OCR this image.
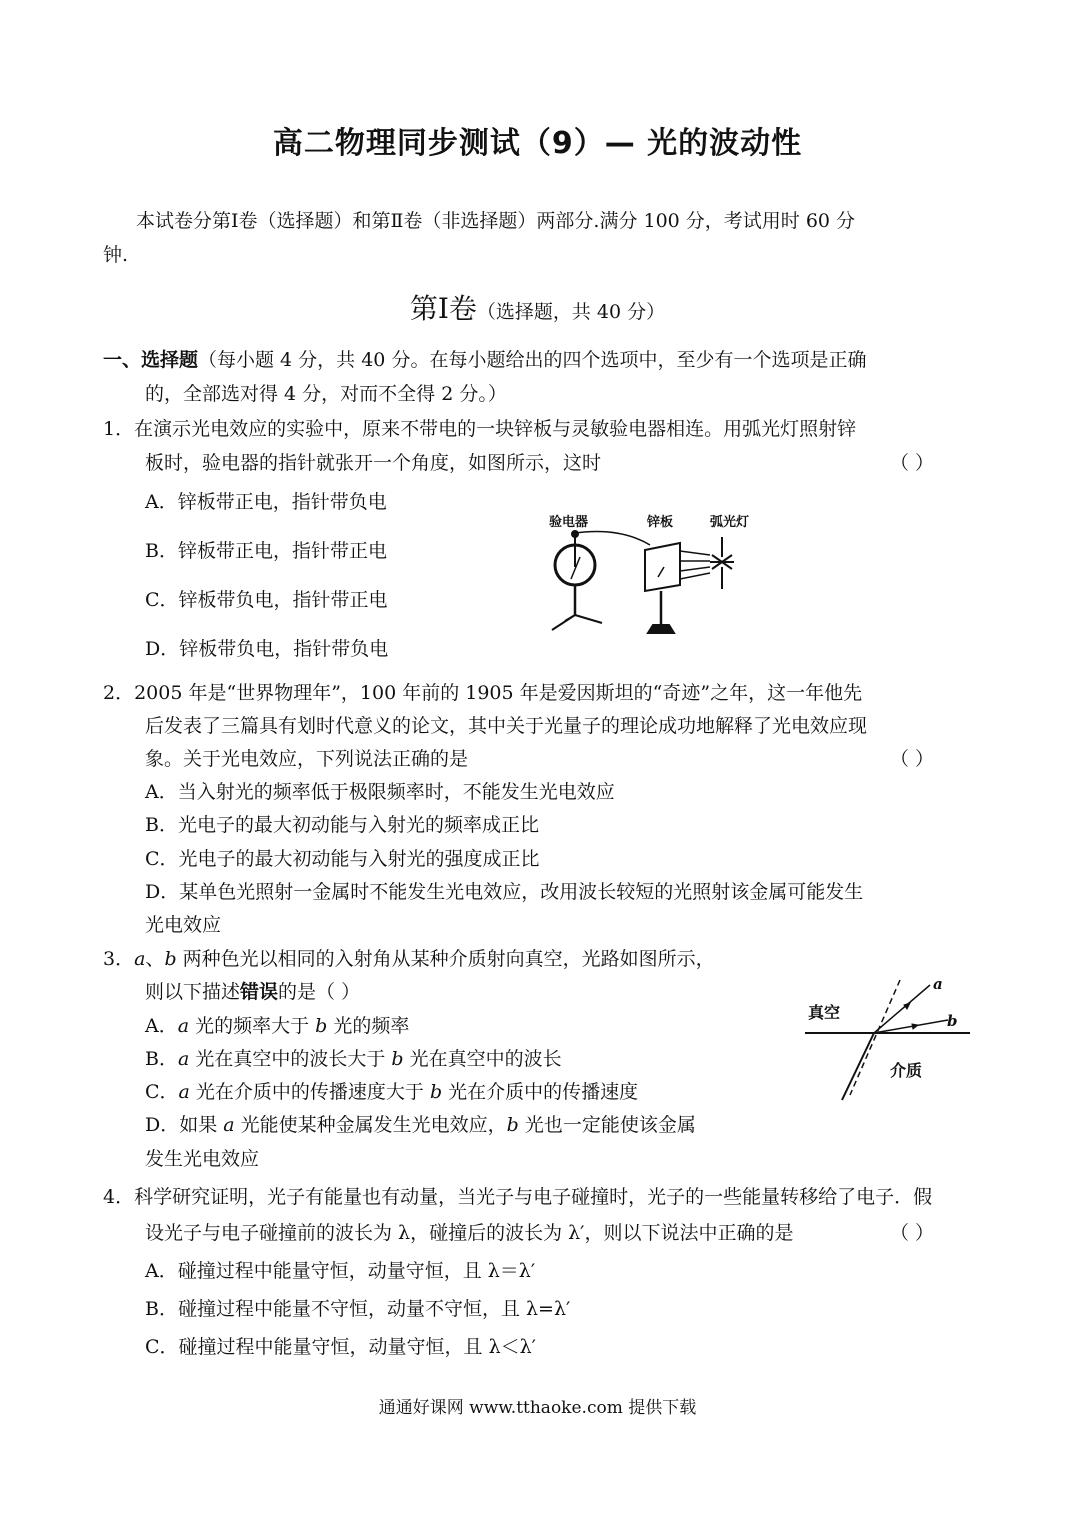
高二物理同步测试（9）— 光的波动性
本试卷分第Ⅰ卷（选择题）和第Ⅱ卷（非选择题）两部分.满分 100 分，考试用时 60 分
钟.
第Ⅰ卷（选择题，共 40 分）
一、选择题（每小题 4 分，共 40 分。在每小题给出的四个选项中，至少有一个选项是正确
的，全部选对得 4 分，对而不全得 2 分。）
1．在演示光电效应的实验中，原来不带电的一块锌板与灵敏验电器相连。用弧光灯照射锌
板时，验电器的指针就张开一个角度，如图所示，这时	（ ）
A．锌板带正电，指针带负电
B．锌板带正电，指针带正电
C．锌板带负电，指针带正电
D．锌板带负电，指针带负电
验电器	锌板	弧光灯
2．2005 年是“世界物理年”，100 年前的 1905 年是爱因斯坦的“奇迹”之年，这一年他先
后发表了三篇具有划时代意义的论文，其中关于光量子的理论成功地解释了光电效应现
象。关于光电效应，下列说法正确的是	（ ）
A．当入射光的频率低于极限频率时，不能发生光电效应
B．光电子的最大初动能与入射光的频率成正比
C．光电子的最大初动能与入射光的强度成正比
D．某单色光照射一金属时不能发生光电效应，改用波长较短的光照射该金属可能发生
光电效应
3．a、b 两种色光以相同的入射角从某种介质射向真空，光路如图所示，
则以下描述错误的是（ ）
A．a 光的频率大于 b 光的频率
B．a 光在真空中的波长大于 b 光在真空中的波长
C．a 光在介质中的传播速度大于 b 光在介质中的传播速度
D．如果 a 光能使某种金属发生光电效应，b 光也一定能使该金属
发生光电效应
真空
介质
a
b
4．科学研究证明，光子有能量也有动量，当光子与电子碰撞时，光子的一些能量转移给了电子．假
设光子与电子碰撞前的波长为 λ，碰撞后的波长为 λ′，则以下说法中正确的是	（ ）
A．碰撞过程中能量守恒，动量守恒，且 λ＝λ′
B．碰撞过程中能量不守恒，动量不守恒，且 λ=λ′
C．碰撞过程中能量守恒，动量守恒，且 λ＜λ′
通通好课网 www.tthaoke.com 提供下载
